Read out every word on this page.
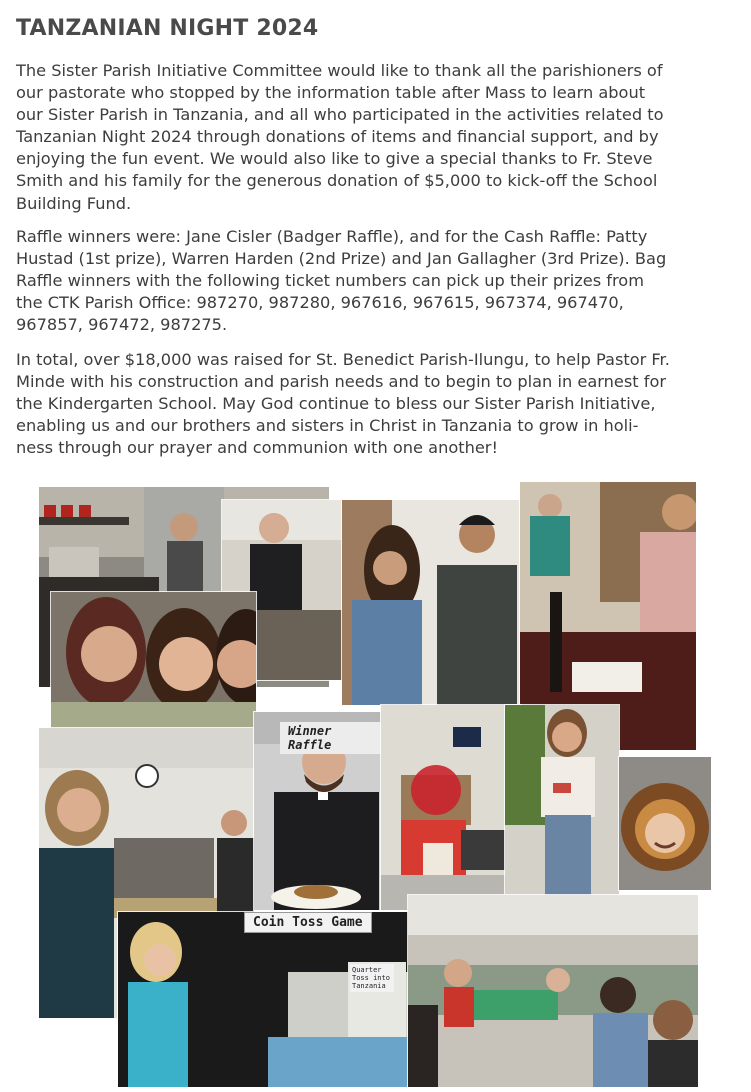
TANZANIAN NIGHT 2024
The Sister Parish Initiative Committee would like to thank all the parishioners of
our pastorate who stopped by the information table after Mass to learn about
our Sister Parish in Tanzania, and all who participated in the activities related to
Tanzanian Night 2024 through donations of items and financial support, and by
enjoying the fun event. We would also like to give a special thanks to Fr. Steve
Smith and his family for the generous donation of $5,000 to kick-off the School
Building Fund.
Raffle winners were: Jane Cisler (Badger Raffle), and for the Cash Raffle: Patty
Hustad (1st prize), Warren Harden (2nd Prize) and Jan Gallagher (3rd Prize). Bag
Raffle winners with the following ticket numbers can pick up their prizes from
the CTK Parish Office: 987270, 987280, 967616, 967615, 967374, 967470,
967857, 967472, 987275.
In total, over $18,000 was raised for St. Benedict Parish-Ilungu, to help Pastor Fr.
Minde with his construction and parish needs and to begin to plan in earnest for
the Kindergarten School. May God continue to bless our Sister Parish Initiative,
enabling us and our brothers and sisters in Christ in Tanzania to grow in holi-
ness through our prayer and communion with one another!
Winner Raffle
Coin Toss Game
Quarter Toss into Tanzania
